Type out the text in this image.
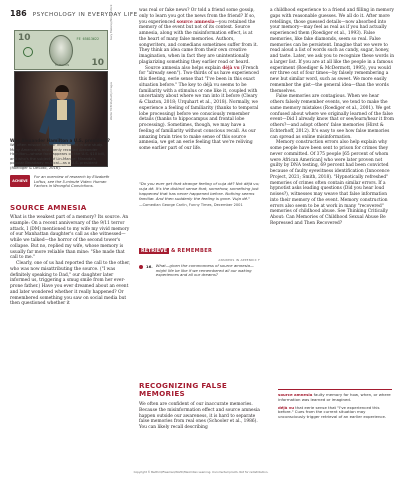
186 PSYCHOLOGY IN EVERYDAY LIFE
10	FE 65813622
HAMILTON	10
Gary Blakeley/Shutterstock
Walter McBride/Getty Images
Was Alexander Hamilton a U.S. president?
We often misuse familiar information in one study. Many Americans mistakenly recalled Alexander Hamilton—whose face appears on the U.S. $10 bill, and who's the subject of Lin-Manuel Miranda's popular Broadway musical—as a U.S. president (Roediger & DeSoto, 2016).
ACHIEVE
For an overview of research by Elizabeth Loftus, see the 5-minute Video: Human Factors in Wrongful Convictions.
SOURCE AMNESIA

What is the weakest part of a memory? Its source. An example: On a recent anniversary of the 9/11 terror attack, I (DM) mentioned to my wife my vivid memory of our Manhattan daughter's call as she witnessed—while we talked—the horror of the second tower's collapse. But no, replied my wife, whose memory is usually far more reliable than mine: "She made that call to me."

Clearly, one of us had reported the call to the other, who was now misattributing the source. ("I was definitely speaking to Dad," our daughter later informed us, triggering a smug smile from her ever-prone father.) Have you ever dreamed about an event and later wondered whether it really happened? Or remembered something you saw on social media but then questioned whether it

was real or fake news? Or told a friend some gossip, only to learn you got the news from the friend? If so, you experienced source amnesia—you retained the memory of the event but not of its context. Source amnesia, along with the misinformation effect, is at the heart of many false memories. Authors, songwriters, and comedians sometimes suffer from it. They think an idea came from their own creative imagination, when in fact they are unintentionally plagiarizing something they earlier read or heard.

Source amnesia also helps explain déjà vu (French for "already seen"). Two-thirds of us have experienced this fleeting, eerie sense that "I've been in this exact situation before." The key to déjà vu seems to be familiarity with a stimulus or one like it, coupled with uncertainty about where we ran into it before (Cleary & Claxton, 2018; Urquhart et al., 2018). Normally, we experience a feeling of familiarity (thanks to temporal lobe processing) before we consciously remember details (thanks to hippocampus and frontal lobe processing). Sometimes, though, we may have a feeling of familiarity without conscious recall. As our amazing brain tries to make sense of this source amnesia, we get an eerie feeling that we're reliving some earlier part of our life.

"Do you ever get that strange feeling of vuja dé? Not déjà vu; vuja dé. It's the distinct sense that, somehow, something just happened that has never happened before. Nothing seems familiar. And then suddenly the feeling is gone. Vuja dé."
—Comedian George Carlin, Funny Times, December 2001
RETRIEVE & REMEMBER
ANSWERS IN APPENDIX F
16. What—given the commonness of source amnesia—might life be like if we remembered all our waking experiences and all our dreams?
RECOGNIZING FALSE MEMORIES

We often are confident of our inaccurate memories. Because the misinformation effect and source amnesia happen outside our awareness, it is hard to separate false memories from real ones (Schooler et al., 1986). You can likely recall describing

a childhood experience to a friend and filling in memory gaps with reasonable guesses. We all do it. After more retellings, those guessed details—now absorbed into your memory—may feel as real as if you had actually experienced them (Roediger et al., 1993). False memories, like fake diamonds, seem so real. False memories can be persistent. Imagine that we were to read aloud a list of words such as candy, sugar, honey, and taste. Later, we ask you to recognize these words in a larger list. If you are at all like the people in a famous experiment (Roediger & McDermott, 1995), you would err three out of four times—by falsely remembering a new but similar word, such as sweet. We more easily remember the gist—the general idea—than the words themselves.

False memories are contagious. When we hear others falsely remember events, we tend to make the same memory mistakes (Roediger et al., 2001). We get confused about where we originally learned of the false event—Did I already know that or see/learn/hear it from others?—and adopt others' false memories (Hirst & Echterhoff, 2012). It's easy to see how false memories can spread as online misinformation.

Memory construction errors also help explain why some people have been sent to prison for crimes they never committed. Of 375 people [65 percent of whom were African American] who were later proven not guilty by DNA testing, 69 percent had been convicted because of faulty eyewitness identification (Innocence Project, 2021; Smith, 2018). "Hypnotically refreshed" memories of crimes often contain similar errors. If a hypnotist asks leading questions (Did you hear loud noises?), witnesses may weave that false information into their memory of the event. Memory construction errors also seem to be at work in many "recovered" memories of childhood abuse. See Thinking Critically About: Can Memories of Childhood Sexual Abuse Be Repressed and Then Recovered?

source amnesia faulty memory for how, when, or where information was learned or imagined.
déjà vu that eerie sense that "I've experienced this before." Cues from the current situation may unconsciously trigger retrieval of an earlier experience.
Copyright © Bedford/Freeman/Worth/Macmillan Learning. Uncorrected proofs. Not for redistribution.
